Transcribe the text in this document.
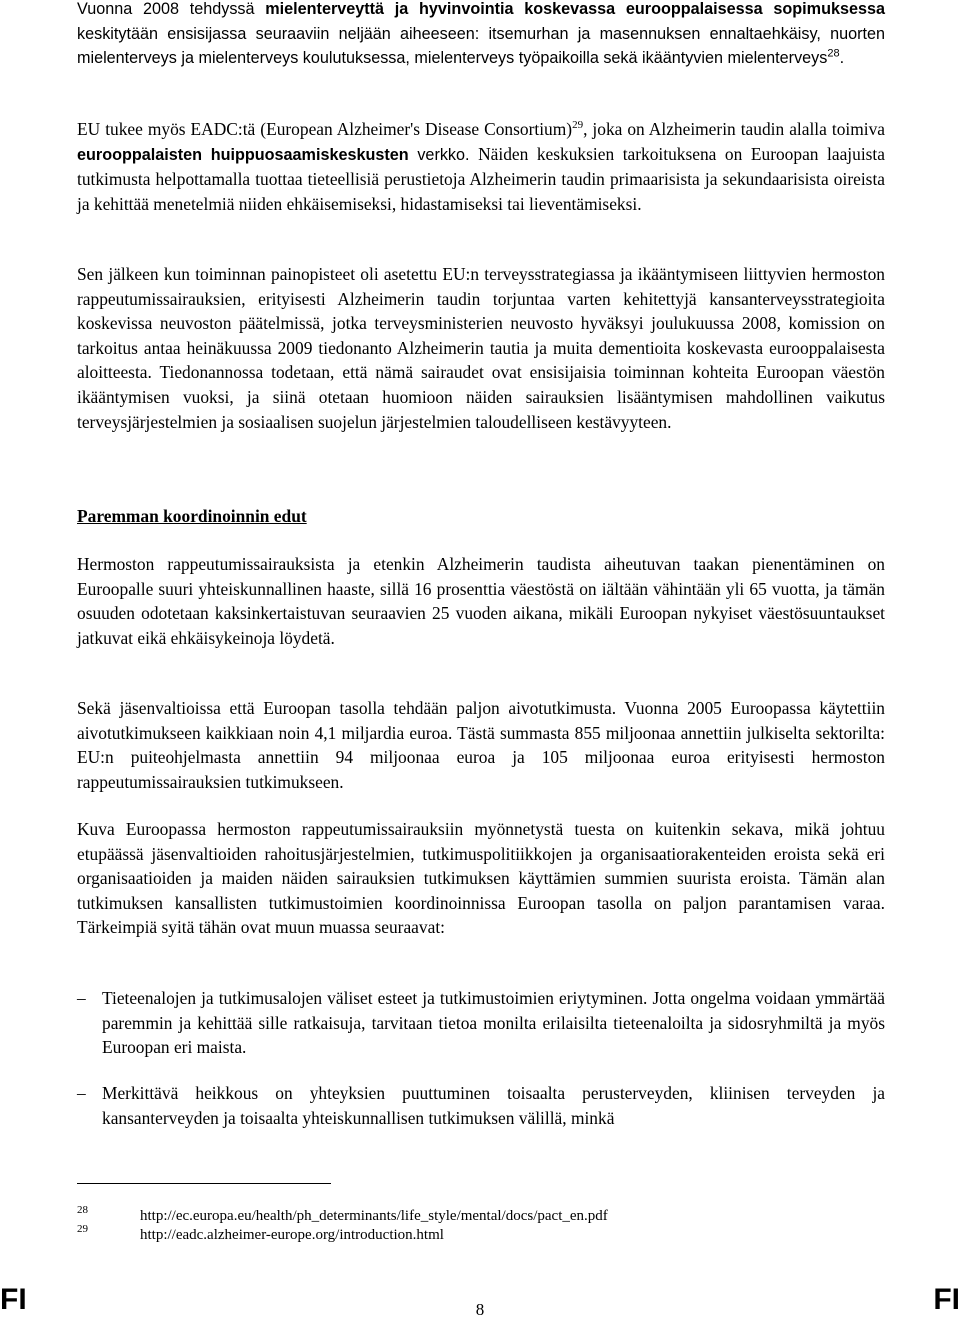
Vuonna 2008 tehdyssä mielenterveyttä ja hyvinvointia koskevassa eurooppalaisessa sopimuksessa keskitytään ensisijassa seuraaviin neljään aiheeseen: itsemurhan ja masennuksen ennaltaehkäisy, nuorten mielenterveys ja mielenterveys koulutuksessa, mielenterveys työpaikoilla sekä ikääntyvien mielenterveys$^{28}$.

EU tukee myös EADC:tä (European Alzheimer's Disease Consortium)$^{29}$, joka on Alzheimerin taudin alalla toimiva eurooppalaisten huippuosaamiskeskusten verkko. Näiden keskuksien tarkoituksena on Euroopan laajuista tutkimusta helpottamalla tuottaa tieteellisiä perustietoja Alzheimerin taudin primaarisista ja sekundaarisista oireista ja kehittää menetelmiä niiden ehkäisemiseksi, hidastamiseksi tai lieventämiseksi.

Sen jälkeen kun toiminnan painopisteet oli asetettu EU:n terveysstrategiassa ja ikääntymiseen liittyvien hermoston rappeutumissairauksien, erityisesti Alzheimerin taudin torjuntaa varten kehitettyjä kansanterveysstrategioita koskevissa neuvoston päätelmissä, jotka terveysministerien neuvosto hyväksyi joulukuussa 2008, komission on tarkoitus antaa heinäkuussa 2009 tiedonanto Alzheimerin tautia ja muita dementioita koskevasta eurooppalaisesta aloitteesta. Tiedonannossa todetaan, että nämä sairaudet ovat ensisijaisia toiminnan kohteita Euroopan väestön ikääntymisen vuoksi, ja siinä otetaan huomioon näiden sairauksien lisääntymisen mahdollinen vaikutus terveysjärjestelmien ja sosiaalisen suojelun järjestelmien taloudelliseen kestävyyteen.

Paremman koordinoinnin edut

Hermoston rappeutumissairauksista ja etenkin Alzheimerin taudista aiheutuvan taakan pienentäminen on Euroopalle suuri yhteiskunnallinen haaste, sillä 16 prosenttia väestöstä on iältään vähintään yli 65 vuotta, ja tämän osuuden odotetaan kaksinkertaistuvan seuraavien 25 vuoden aikana, mikäli Euroopan nykyiset väestösuuntaukset jatkuvat eikä ehkäisykeinoja löydetä.

Sekä jäsenvaltioissa että Euroopan tasolla tehdään paljon aivotutkimusta. Vuonna 2005 Euroopassa käytettiin aivotutkimukseen kaikkiaan noin 4,1 miljardia euroa. Tästä summasta 855 miljoonaa annettiin julkiselta sektorilta: EU:n puiteohjelmasta annettiin 94 miljoonaa euroa ja 105 miljoonaa euroa erityisesti hermoston rappeutumissairauksien tutkimukseen.

Kuva Euroopassa hermoston rappeutumissairauksiin myönnetystä tuesta on kuitenkin sekava, mikä johtuu etupäässä jäsenvaltioiden rahoitusjärjestelmien, tutkimuspolitiikkojen ja organisaatiorakenteiden eroista sekä eri organisaatioiden ja maiden näiden sairauksien tutkimuksen käyttämien summien suurista eroista. Tämän alan tutkimuksen kansallisten tutkimustoimien koordinoinnissa Euroopan tasolla on paljon parantamisen varaa. Tärkeimpiä syitä tähän ovat muun muassa seuraavat:

– Tieteenalojen ja tutkimusalojen väliset esteet ja tutkimustoimien eriytyminen. Jotta ongelma voidaan ymmärtää paremmin ja kehittää sille ratkaisuja, tarvitaan tietoa monilta erilaisilta tieteenaloilta ja sidosryhmiltä ja myös Euroopan eri maista.
– Merkittävä heikkous on yhteyksien puuttuminen toisaalta perusterveyden, kliinisen terveyden ja kansanterveyden ja toisaalta yhteiskunnallisen tutkimuksen välillä, minkä
28	http://ec.europa.eu/health/ph_determinants/life_style/mental/docs/pact_en.pdf
29	http://eadc.alzheimer-europe.org/introduction.html
FI	8	FI
